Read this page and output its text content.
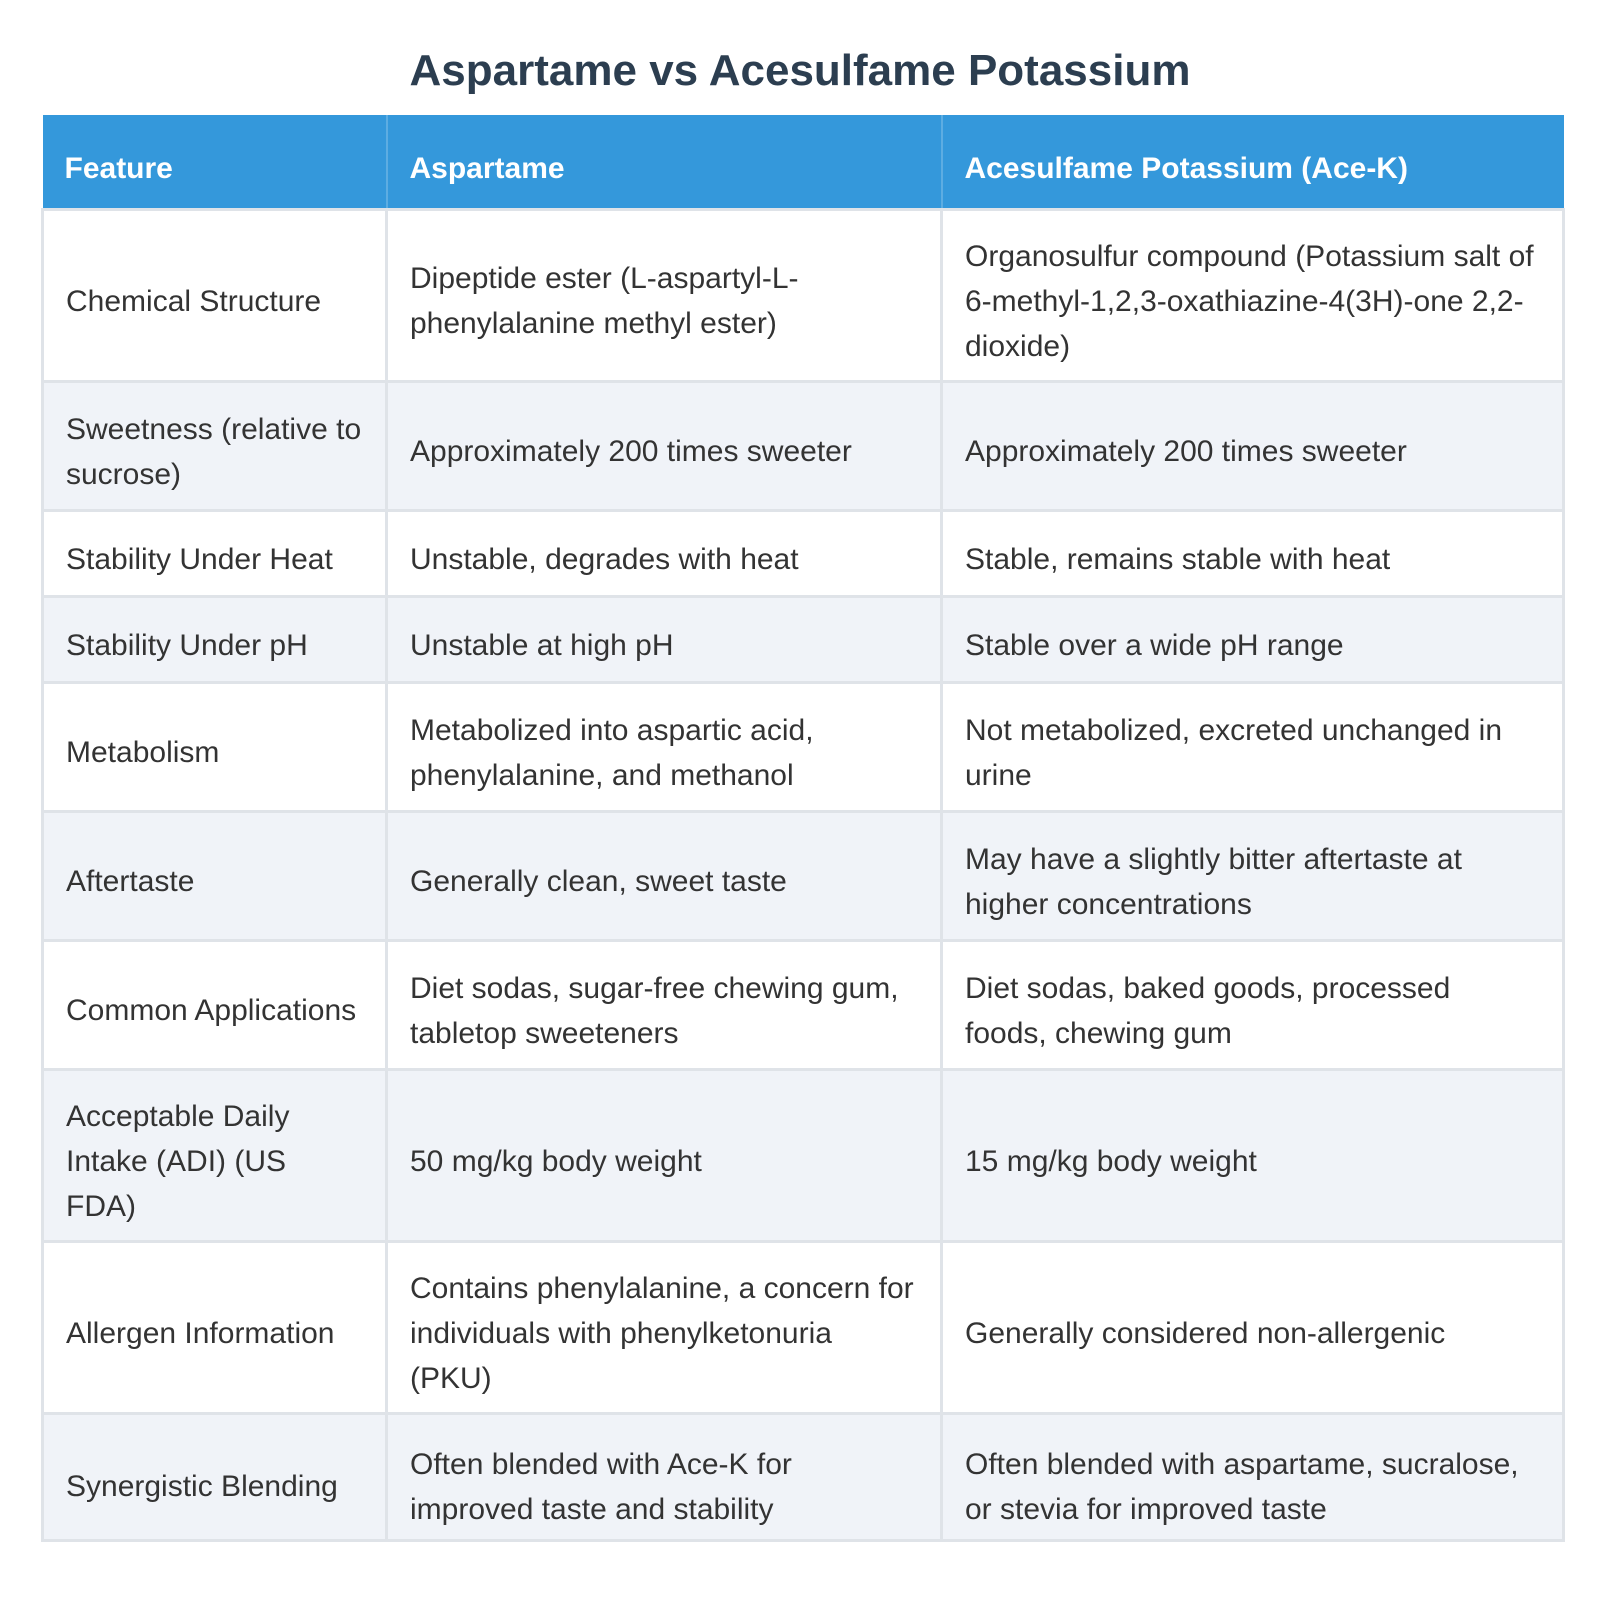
Aspartame vs Acesulfame Potassium
Feature	Aspartame	Acesulfame Potassium (Ace-K)
Chemical Structure	Dipeptide ester (L-aspartyl-L-phenylalanine methyl ester)	Organosulfur compound (Potassium salt of 6-methyl-1,2,3-oxathiazine-4(3H)-one 2,2-dioxide)
Sweetness (relative to sucrose)	Approximately 200 times sweeter	Approximately 200 times sweeter
Stability Under Heat	Unstable, degrades with heat	Stable, remains stable with heat
Stability Under pH	Unstable at high pH	Stable over a wide pH range
Metabolism	Metabolized into aspartic acid, phenylalanine, and methanol	Not metabolized, excreted unchanged in urine
Aftertaste	Generally clean, sweet taste	May have a slightly bitter aftertaste at higher concentrations
Common Applications	Diet sodas, sugar-free chewing gum, tabletop sweeteners	Diet sodas, baked goods, processed foods, chewing gum
Acceptable Daily Intake (ADI) (US FDA)	50 mg/kg body weight	15 mg/kg body weight
Allergen Information	Contains phenylalanine, a concern for individuals with phenylketonuria (PKU)	Generally considered non-allergenic
Synergistic Blending	Often blended with Ace-K for improved taste and stability	Often blended with aspartame, sucralose, or stevia for improved taste
